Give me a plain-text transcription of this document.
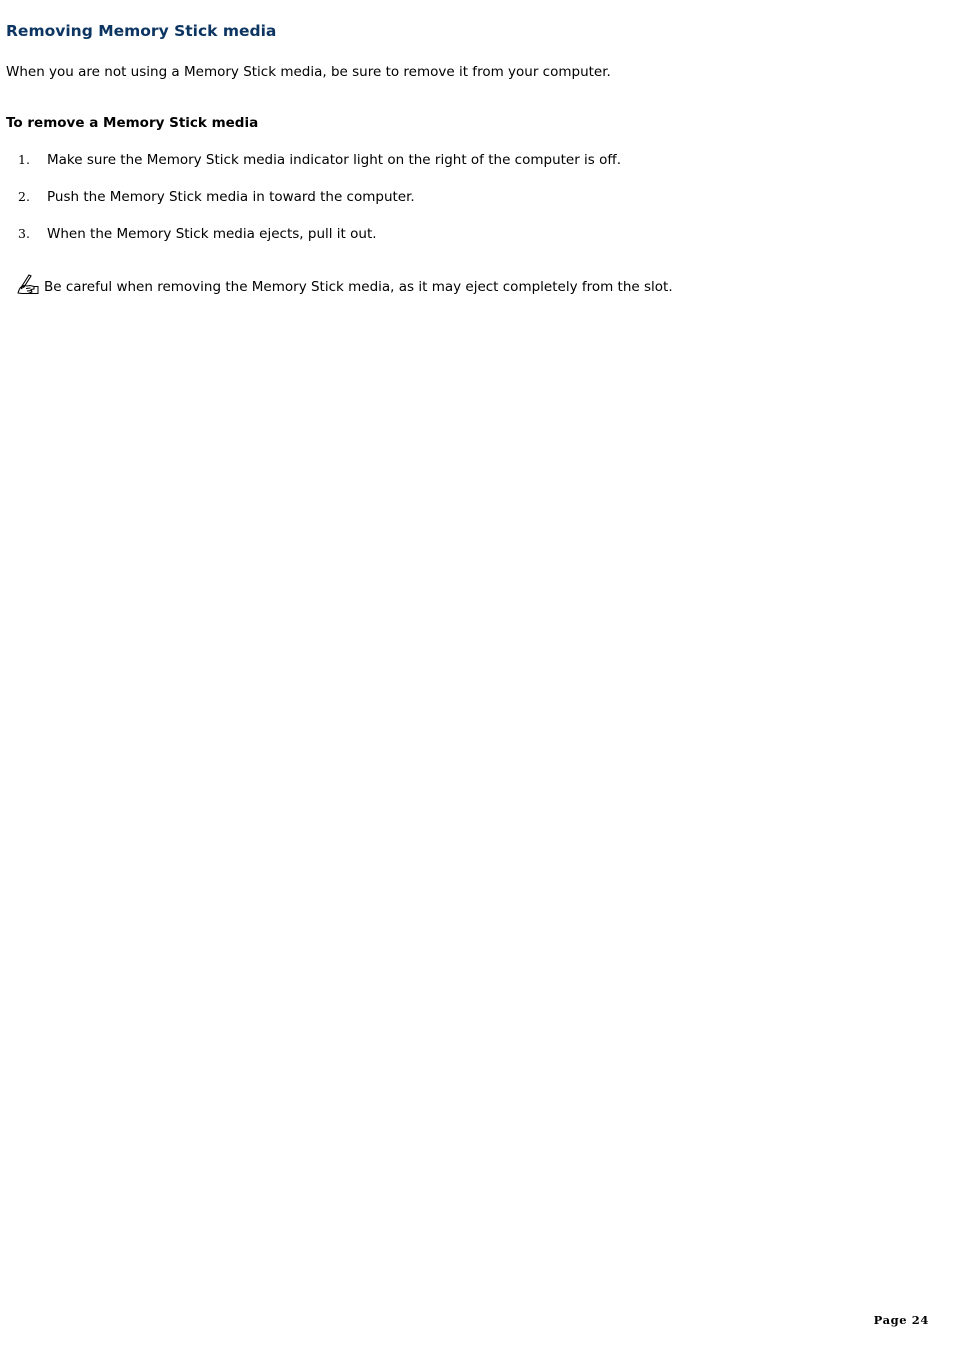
Removing Memory Stick media

When you are not using a Memory Stick media, be sure to remove it from your computer.

To remove a Memory Stick media

1. Make sure the Memory Stick media indicator light on the right of the computer is off.
2. Push the Memory Stick media in toward the computer.
3. When the Memory Stick media ejects, pull it out.
Be careful when removing the Memory Stick media, as it may eject completely from the slot.
Page 24
